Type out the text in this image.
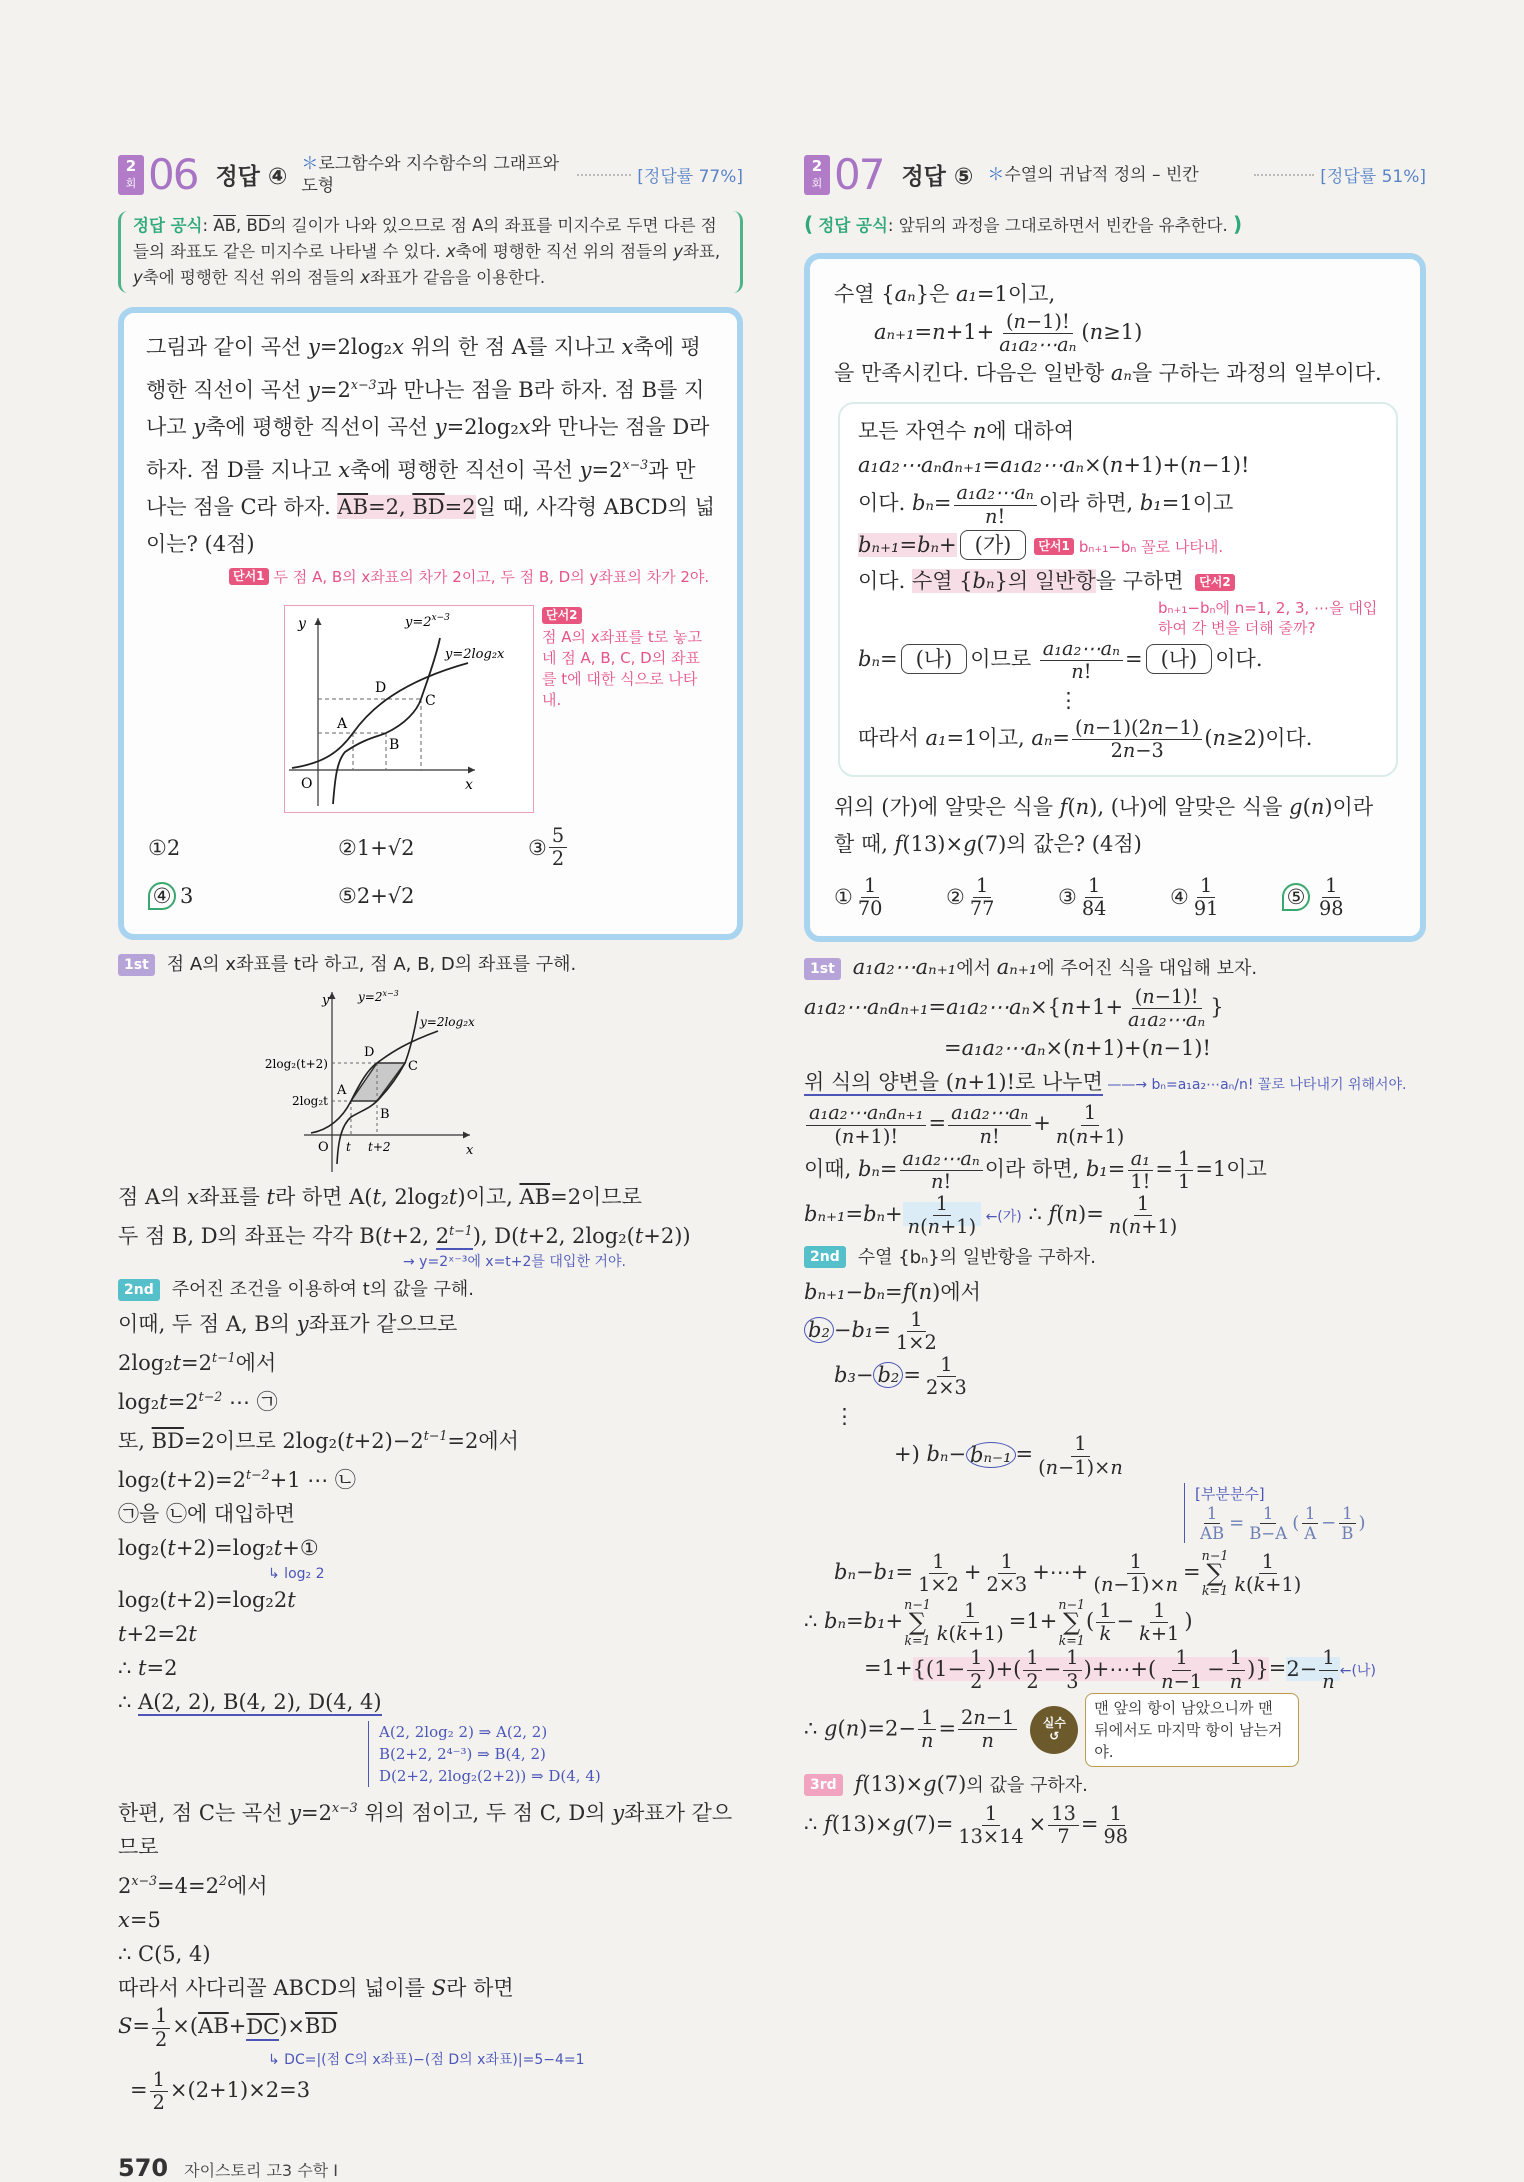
2
회 06 정답 ④
＊로그함수와 지수함수의 그래프와 도형	[정답률 77%]
정답 공식: $\overline{AB}$, $\overline{BD}$의 길이가 나와 있으므로 점 A의 좌표를 미지수로 두면 다른 점들의 좌표도 같은 미지수로 나타낼 수 있다. x축에 평행한 직선 위의 점들의 y좌표, y축에 평행한 직선 위의 점들의 x좌표가 같음을 이용한다.
그림과 같이 곡선 y=2log₂x 위의 한 점 A를 지나고 x축에 평행한 직선이 곡선 $y=2^{x-3}$과 만나는 점을 B라 하자. 점 B를 지나고 y축에 평행한 직선이 곡선 y=2log₂x와 만나는 점을 D라 하자. 점 D를 지나고 x축에 평행한 직선이 곡선 $y=2^{x-3}$과 만나는 점을 C라 하자. $\overline{AB}=2$, $\overline{BD}=2$일 때, 사각형 ABCD의 넓이는? (4점)
단서1 두 점 A, B의 x좌표의 차가 2이고, 두 점 B, D의 y좌표의 차가 2야.
y
x
O
A
B
C
D
$y=2^{x-3}$
y=2log₂x
단서2
점 A의 x좌표를 t로 놓고 네 점 A, B, C, D의 좌표를 t에 대한 식으로 나타내.
① 2	② 1+√2	③ $\frac{5}{2}$
④ 3	⑤ 2+√2
1st 점 A의 x좌표를 t라 하고, 점 A, B, D의 좌표를 구해.
y
x
O t t+2
2log₂(t+2)
2log₂t
A
B
C
D
$y=2^{x-3}$
y=2log₂x
점 A의 x좌표를 t라 하면 A(t, 2log₂t)이고, $\overline{AB}=2$이므로
두 점 B, D의 좌표는 각각 B(t+2, $2^{t-1}$), D(t+2, 2log₂(t+2))
→ y=2ˣ⁻³에 x=t+2를 대입한 거야.
2nd 주어진 조건을 이용하여 t의 값을 구해.
이때, 두 점 A, B의 y좌표가 같으므로
$2\log_2t=2^{t-1}$에서
$\log_2t=2^{t-2}$ ⋯ ㉠
또, $\overline{BD}=2$이므로 $2\log_2(t+2)-2^{t-1}=2$에서
$\log_2(t+2)=2^{t-2}+1$ ⋯ ㉡
㉠을 ㉡에 대입하면
log₂(t+2)=log₂t+①
↳ log₂ 2
log₂(t+2)=log₂2t
t+2=2t
∴ t=2
∴ A(2, 2), B(4, 2), D(4, 4)
A(2, 2log₂ 2) ⇒ A(2, 2)
B(2+2, 2⁴⁻³) ⇒ B(4, 2)
D(2+2, 2log₂(2+2)) ⇒ D(4, 4)
한편, 점 C는 곡선 $y=2^{x-3}$ 위의 점이고, 두 점 C, D의 y좌표가 같으므로
$2^{x-3}=4=2^2$에서
x=5
∴ C(5, 4)
따라서 사다리꼴 ABCD의 넓이를 S라 하면
$S= \frac{1}{2} \times(\overline{AB}+\overline{DC})\times\overline{BD}$
↳ DC=|(점 C의 x좌표)−(점 D의 x좌표)|=5−4=1
= $\frac{1}{2} \times(2+1)\times 2=3$
570 자이스토리 고3 수학 I
2
회 07 정답 ⑤ ＊수열의 귀납적 정의 – 빈칸	[정답률 51%]
( 정답 공식: 앞뒤의 과정을 그대로하면서 빈칸을 유추한다. )
수열 {aₙ}은 a₁=1이고,
$a_{n+1}=n+1+ \frac{(n-1)!}{\text{a₁a₂⋯aₙ}} (n\ge 1)$
을 만족시킨다. 다음은 일반항 aₙ을 구하는 과정의 일부이다.
모든 자연수 n에 대하여
a₁a₂⋯aₙaₙ₊₁=a₁a₂⋯aₙ×(n+1)+(n−1)!
이다. $b_n= \frac{\text{a₁a₂⋯aₙ}}{n!}$ 이라 하면, b₁=1이고
bₙ₊₁=bₙ+ (가) 단서1 bₙ₊₁−bₙ 꼴로 나타내.
이다. 수열 {bₙ}의 일반항을 구하면 단서2
bₙ₊₁−bₙ에 n=1, 2, 3, ⋯을 대입하여 각 변을 더해 줄까?
bₙ= (나) 이므로 $\frac{\text{a₁a₂⋯aₙ}}{n!}$ = (나) 이다.
⋮
따라서 a₁=1이고, $a_n= \frac{(n-1)(2n-1)}{2n-3} (n\ge 2)$이다.
위의 (가)에 알맞은 식을 f(n), (나)에 알맞은 식을 g(n)이라 할 때, f(13)×g(7)의 값은? (4점)
① $\frac{1}{70}$	② $\frac{1}{77}$	③ $\frac{1}{84}$	④ $\frac{1}{91}$	⑤ $\frac{1}{98}$
1st a₁a₂⋯aₙ₊₁에서 aₙ₊₁에 주어진 식을 대입해 보자.
a₁a₂⋯aₙaₙ₊₁=a₁a₂⋯aₙ×{n+1+ $\frac{(n-1)!}{\text{a₁a₂⋯aₙ}}$ }
=a₁a₂⋯aₙ×(n+1)+(n−1)!
위 식의 양변을 (n+1)!로 나누면 ——→ bₙ=a₁a₂⋯aₙ/n! 꼴로 나타내기 위해서야.
$\frac{\text{a₁a₂⋯aₙaₙ₊₁}}{(n+1)!} = \frac{\text{a₁a₂⋯aₙ}}{n!} + \frac{1}{n(n+1)}$
이때, $b_n= \frac{\text{a₁a₂⋯aₙ}}{n!}$ 이라 하면, $b_1= \frac{\text{a₁}}{1!} = \frac{1}{1} =1$이고
$b_{n+1}=b_n+ \frac{1}{n(n+1)}$ ←(가) ∴ $f(n)= \frac{1}{n(n+1)}$
2nd 수열 {bₙ}의 일반항을 구하자.
bₙ₊₁−bₙ=f(n)에서
$b_2 -b_1= \frac{1}{1\times 2}$
$b_3- b_2 = \frac{1}{2\times 3}$
⋮
+) $b_n- b_{n-1} = \frac{1}{(n-1)\times n}$
[부분분수]
$\frac{1}{AB} = \frac{1}{B-A}$ ( $\frac{1}{A} - \frac{1}{B}$ )
$b_n-b_1= \frac{1}{1\times 2} + \frac{1}{2\times 3}$ +⋯+ $\frac{1}{(n-1)\times n}$ =
n−1
∑
$k=1 \frac{1}{k(k+1)}$
∴ bₙ=b₁+
n−1
∑
$k=1 \frac{1}{k(k+1)} =1+$
n−1
∑
k=1
( $\frac{1}{k} - \frac{1}{k+1}$ )
$=1+\{(1- \frac{1}{2}$ )+( $\frac{1}{2} - \frac{1}{3}$ )+⋯+( $\frac{1}{n-1} - \frac{1}{n} )\}=2- \frac{1}{n}$ ←(나)
∴ $g(n)=2- \frac{1}{n} = \frac{2n-1}{n}$ 실수
↺
맨 앞의 항이 남았으니까 맨 뒤에서도 마지막 항이 남는거야.
3rd f(13)×g(7)의 값을 구하자.
∴ $f(13)\times g(7)= \frac{1}{13\times 14} \times \frac{13}{7} = \frac{1}{98}$
